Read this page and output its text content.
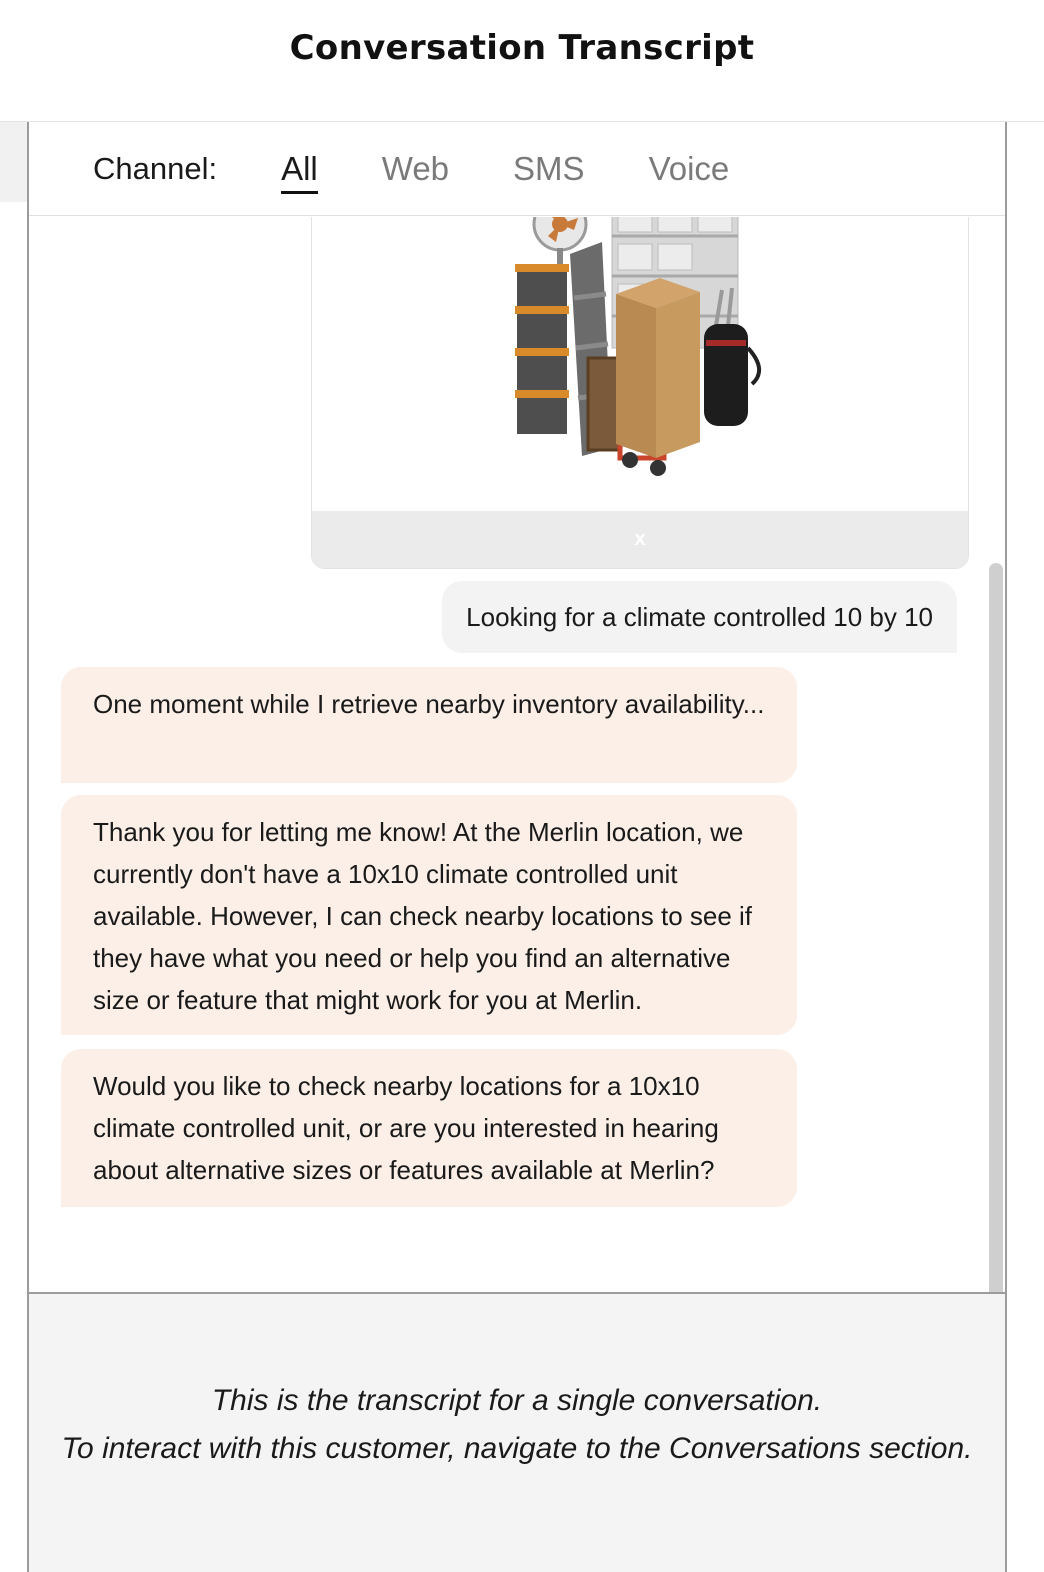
Conversation Transcript
Channel: All Web SMS Voice
x
Looking for a climate controlled 10 by 10
One moment while I retrieve nearby inventory availability...
Thank you for letting me know! At the Merlin location, we currently don't have a 10x10 climate controlled unit available. However, I can check nearby locations to see if they have what you need or help you find an alternative size or feature that might work for you at Merlin.
Would you like to check nearby locations for a 10x10 climate controlled unit, or are you interested in hearing about alternative sizes or features available at Merlin?

This is the transcript for a single conversation.

To interact with this customer, navigate to the Conversations section.
